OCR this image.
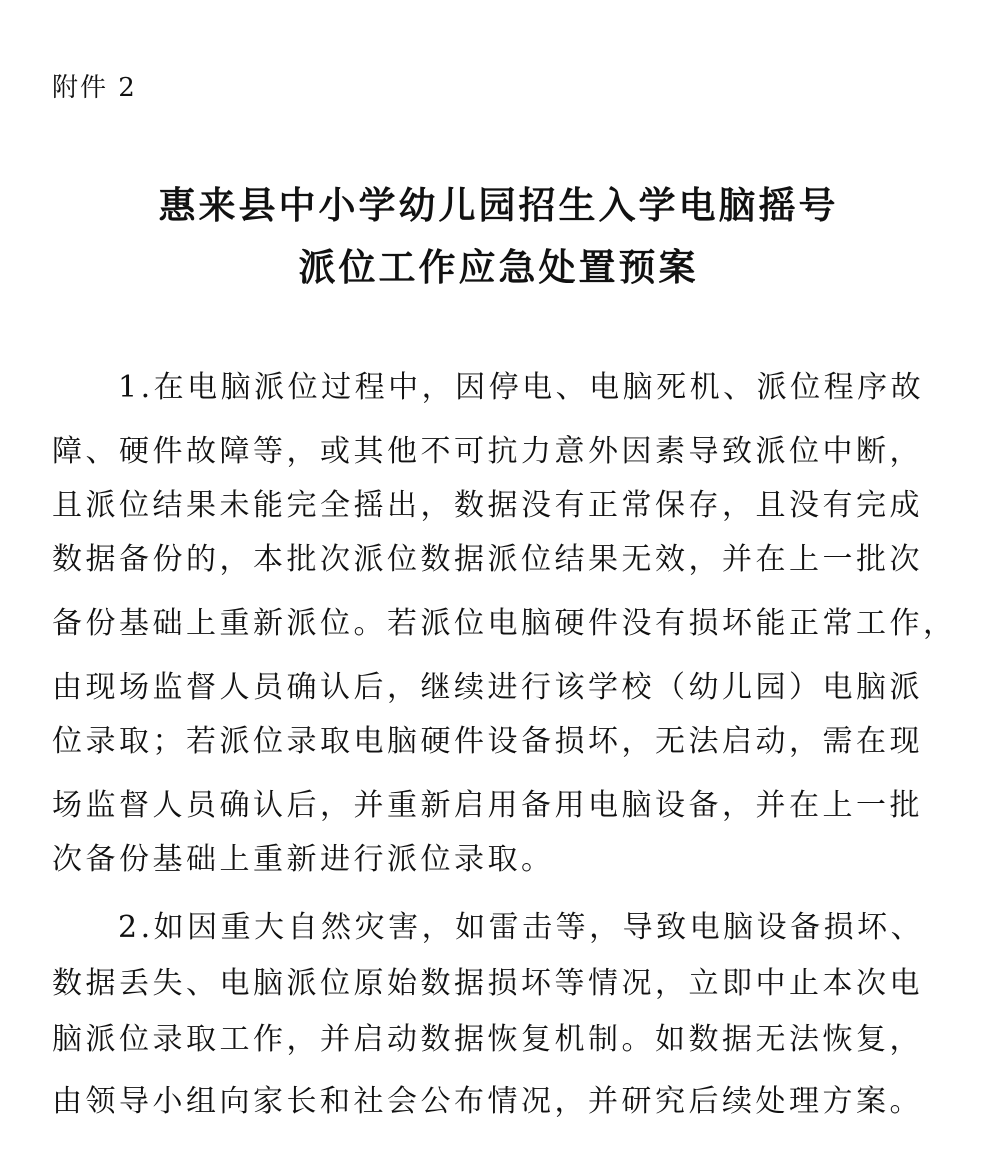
附件 2
惠来县中小学幼儿园招生入学电脑摇号
派位工作应急处置预案
1.在电脑派位过程中，因停电、电脑死机、派位程序故
障、硬件故障等，或其他不可抗力意外因素导致派位中断，
且派位结果未能完全摇出，数据没有正常保存，且没有完成
数据备份的，本批次派位数据派位结果无效，并在上一批次
备份基础上重新派位。若派位电脑硬件没有损坏能正常工作，
由现场监督人员确认后，继续进行该学校（幼儿园）电脑派
位录取；若派位录取电脑硬件设备损坏，无法启动，需在现
场监督人员确认后，并重新启用备用电脑设备，并在上一批
次备份基础上重新进行派位录取。
2.如因重大自然灾害，如雷击等，导致电脑设备损坏、
数据丢失、电脑派位原始数据损坏等情况，立即中止本次电
脑派位录取工作，并启动数据恢复机制。如数据无法恢复，
由领导小组向家长和社会公布情况，并研究后续处理方案。
